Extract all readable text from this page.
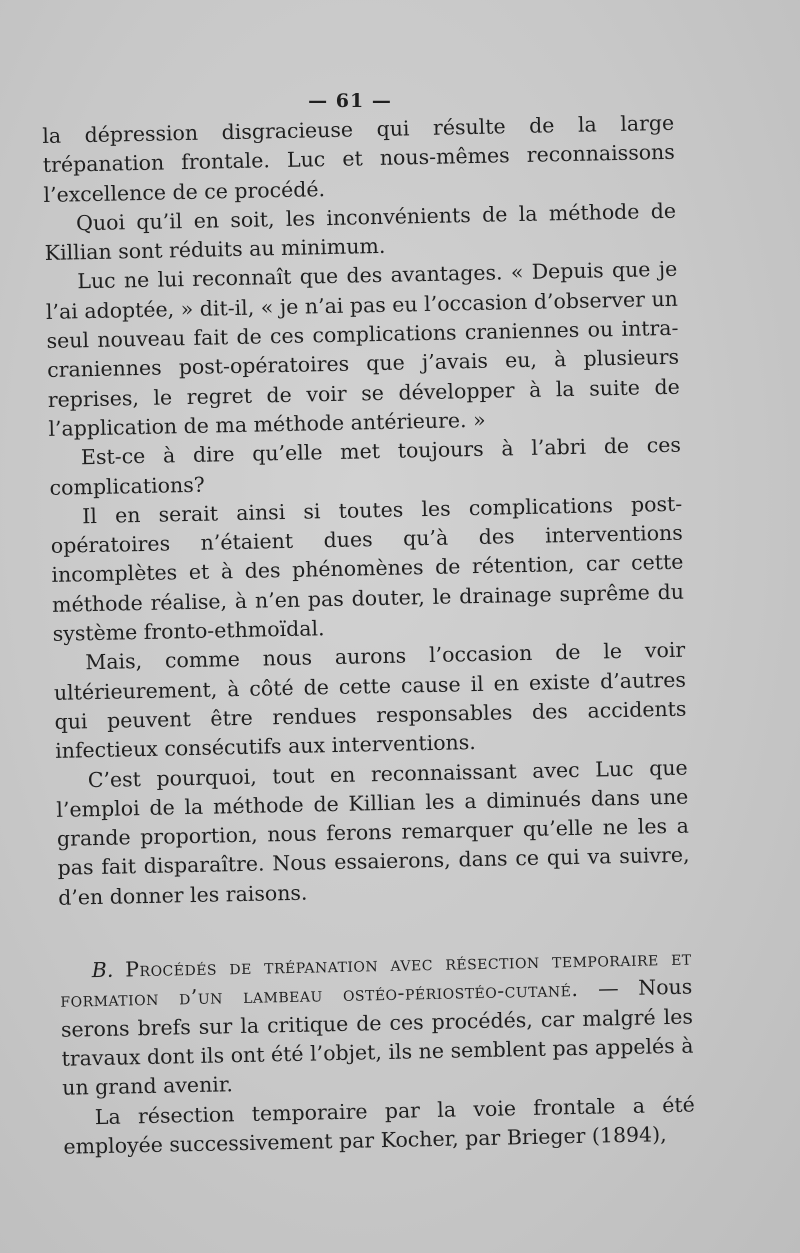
— 61 —

la dépression disgracieuse qui résulte de la large trépanation frontale. Luc et nous-mêmes reconnaissons l’excellence de ce procédé.

Quoi qu’il en soit, les inconvénients de la méthode de Killian sont réduits au minimum.

Luc ne lui reconnaît que des avantages. « Depuis que je l’ai adoptée, » dit-il, « je n’ai pas eu l’occasion d’observer un seul nouveau fait de ces complications craniennes ou intra-craniennes post-opératoires que j’avais eu, à plusieurs reprises, le regret de voir se développer à la suite de l’application de ma méthode antérieure. »

Est-ce à dire qu’elle met toujours à l’abri de ces complications?

Il en serait ainsi si toutes les complications post-opératoires n’étaient dues qu’à des interventions incomplètes et à des phénomènes de rétention, car cette méthode réalise, à n’en pas douter, le drainage suprême du système fronto-ethmoïdal.

Mais, comme nous aurons l’occasion de le voir ultérieurement, à côté de cette cause il en existe d’autres qui peuvent être rendues responsables des accidents infectieux consécutifs aux interventions.

C’est pourquoi, tout en reconnaissant avec Luc que l’emploi de la méthode de Killian les a diminués dans une grande proportion, nous ferons remarquer qu’elle ne les a pas fait disparaître. Nous essaierons, dans ce qui va suivre, d’en donner les raisons.

B. Procédés de trépanation avec résection temporaire et formation d’un lambeau ostéo-périostéo-cutané. — Nous serons brefs sur la critique de ces procédés, car malgré les travaux dont ils ont été l’objet, ils ne semblent pas appelés à un grand avenir.

La résection temporaire par la voie frontale a été employée successivement par Kocher, par Brieger (1894),
